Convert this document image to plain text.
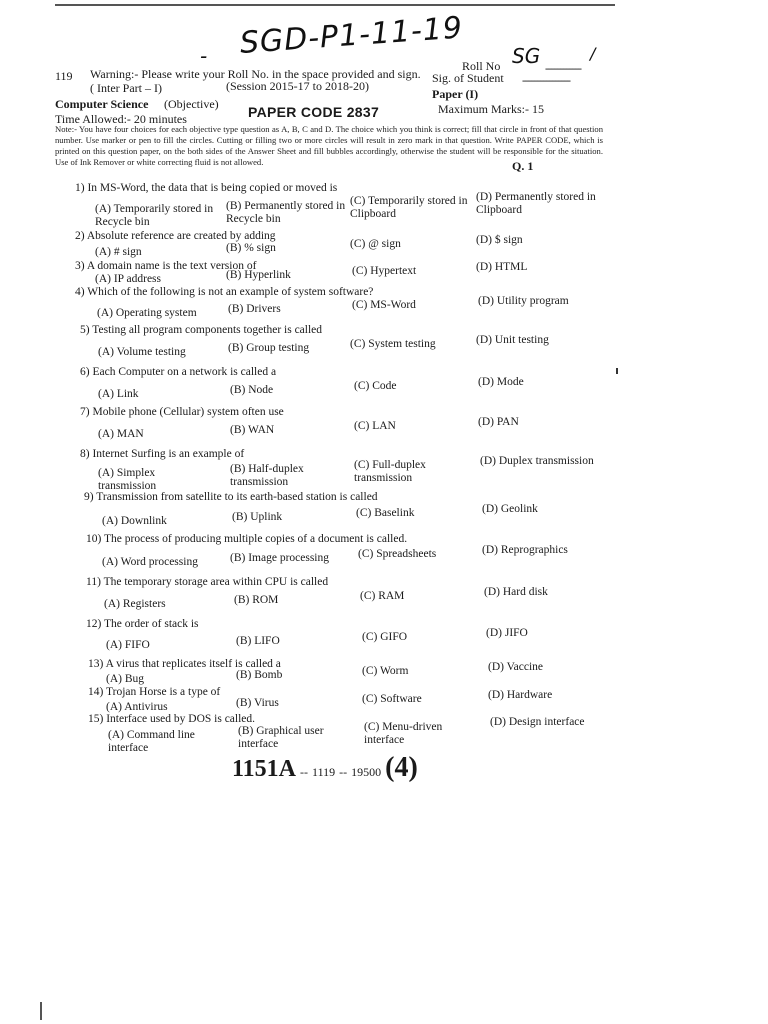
- SGD-P1-11-19 SG	/
119 Warning:- Please write your Roll No. in the space provided and sign.
Roll No	------------
( Inter Part – I)	(Session 2015-17 to 2018-20)
Sig. of Student ----------------
Computer Science (Objective)
Paper (I)
PAPER CODE 2837	Maximum Marks:- 15
Time Allowed:- 20 minutes
Q. 1
Note:- You have four choices for each objective type question as A, B, C and D. The choice which you think is correct; fill that circle in front of that question number. Use marker or pen to fill the circles. Cutting or filling two or more circles will result in zero mark in that question. Write PAPER CODE, which is printed on this question paper, on the both sides of the Answer Sheet and fill bubbles accordingly, otherwise the student will be responsible for the situation. Use of Ink Remover or white correcting fluid is not allowed.
1) In MS-Word, the data that is being copied or moved is
(A) Temporarily stored in Recycle bin
(B) Permanently stored in Recycle bin
(C) Temporarily stored in Clipboard
(D) Permanently stored in Clipboard
2) Absolute reference are created by adding
(A) # sign	(B) % sign	(C) @ sign	(D) $ sign
3) A domain name is the text version of
(A) IP address	(B) Hyperlink	(C) Hypertext	(D) HTML
4) Which of the following is not an example of system software?
(A) Operating system	(B) Drivers	(C) MS-Word	(D) Utility program
5) Testing all program components together is called
(A) Volume testing	(B) Group testing	(C) System testing	(D) Unit testing
6) Each Computer on a network is called a
(A) Link	(B) Node	(C) Code	(D) Mode
7) Mobile phone (Cellular) system often use
(A) MAN	(B) WAN	(C) LAN	(D) PAN
8) Internet Surfing is an example of
(A) Simplex transmission
(B) Half-duplex transmission
(C) Full-duplex transmission
(D) Duplex transmission
9) Transmission from satellite to its earth-based station is called
(A) Downlink	(B) Uplink	(C) Baselink	(D) Geolink
10) The process of producing multiple copies of a document is called.
(A) Word processing	(B) Image processing	(C) Spreadsheets	(D) Reprographics
11) The temporary storage area within CPU is called
(A) Registers	(B) ROM	(C) RAM	(D) Hard disk
12) The order of stack is
(A) FIFO	(B) LIFO	(C) GIFO	(D) JIFO
13) A virus that replicates itself is called a
(A) Bug	(B) Bomb	(C) Worm	(D) Vaccine
14) Trojan Horse is a type of
(A) Antivirus	(B) Virus	(C) Software	(D) Hardware
15) Interface used by DOS is called.
(A) Command line interface
(B) Graphical user interface
(C) Menu-driven interface
(D) Design interface
1151A -- 1119 -- 19500 (4)
